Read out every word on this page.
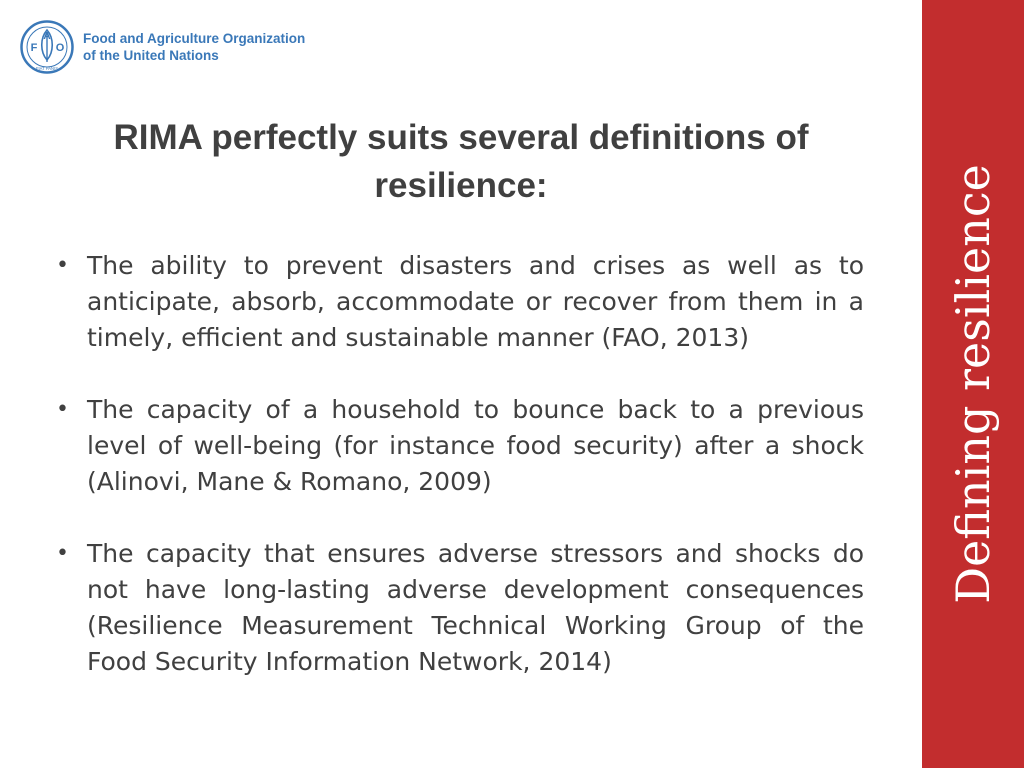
A
F O
FIAT PANIS
Food and Agriculture Organization
of the United Nations
RIMA perfectly suits several definitions of
resilience:
• The ability to prevent disasters and crises as well as to anticipate, absorb, accommodate or recover from them in a timely, efficient and sustainable manner (FAO, 2013)
• The capacity of a household to bounce back to a previous level of well-being (for instance food security) after a shock (Alinovi, Mane & Romano, 2009)
• The capacity that ensures adverse stressors and shocks do not have long-lasting adverse development consequences (Resilience Measurement Technical Working Group of the Food Security Information Network, 2014)
Defining resilience
